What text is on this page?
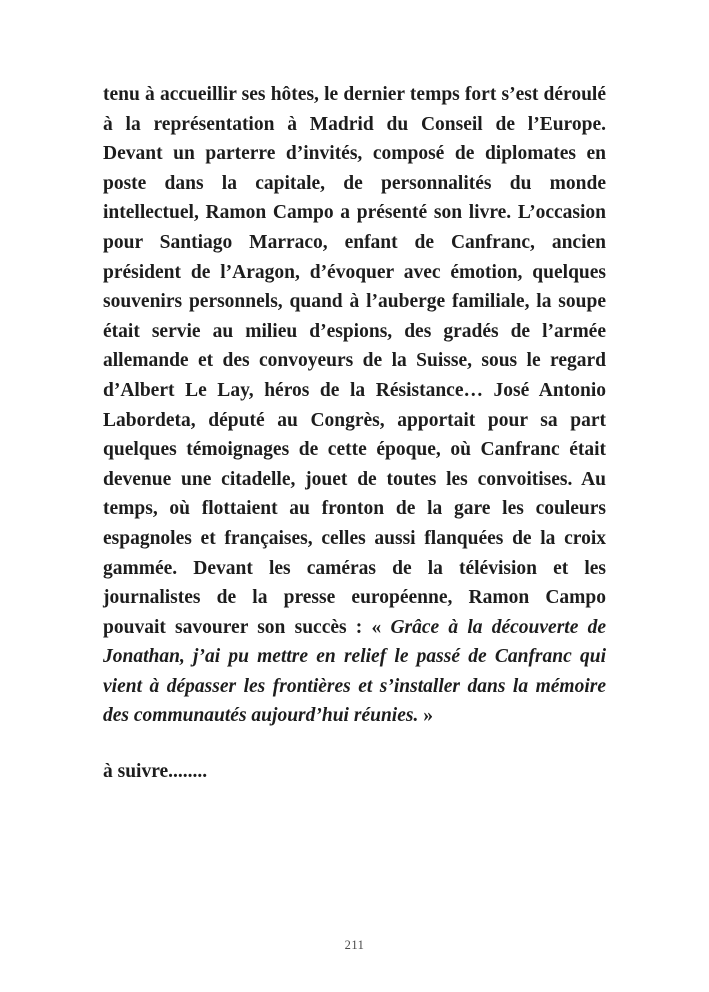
tenu à accueillir ses hôtes, le dernier temps fort s’est déroulé à la représentation à Madrid du Conseil de l’Europe. Devant un parterre d’invités, composé de diplomates en poste dans la capitale, de personnalités du monde intellectuel, Ramon Campo a présenté son livre. L’occasion pour Santiago Marraco, enfant de Canfranc, ancien président de l’Aragon, d’évoquer avec émotion, quelques souvenirs personnels, quand à l’auberge familiale, la soupe était servie au milieu d’espions, des gradés de l’armée allemande et des convoyeurs de la Suisse, sous le regard d’Albert Le Lay, héros de la Résistance… José Antonio Labordeta, député au Congrès, apportait pour sa part quelques témoignages de cette époque, où Canfranc était devenue une citadelle, jouet de toutes les convoitises. Au temps, où flottaient au fronton de la gare les couleurs espagnoles et françaises, celles aussi flanquées de la croix gammée. Devant les caméras de la télévision et les journalistes de la presse européenne, Ramon Campo pouvait savourer son succès : « Grâce à la découverte de Jonathan, j’ai pu mettre en relief le passé de Canfranc qui vient à dépasser les frontières et s’installer dans la mémoire des communautés aujourd’hui réunies. »

à suivre........

211
